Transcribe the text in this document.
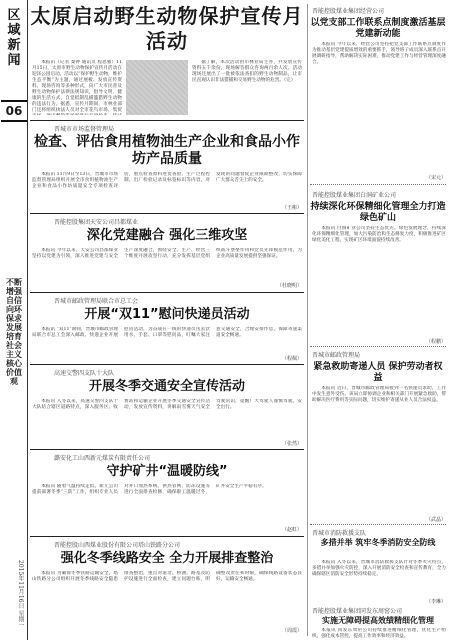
区域新闻
06
不断增强自信向环保求发展 培育社会主义核心价值观
2015年11月16日 星期一
太原启动野生动物保护宣传月活动

本报讯（记者 秦钟 通讯员 程思强）11月15日，太原市野生动物保护宣传月活动在迎泽公园启动。活动以“保护野生动物，维护生态平衡”为主题，通过展板、发放宣传资料、现场咨询等多种形式，向广大市民普及野生动物保护法律法规知识，倡导文明、健康的生活方式，自觉抵制乱捕滥猎野生动物的违法行为。据悉，宣传月期间，市林业部门还将组织执法人员对全市花鸟市场、集贸

据了解，本次活动由市林业局主办，共发放宣传资料五千余份，现场解答群众咨询两百余人次。活动现场还展出了一批被依法查扣的野生动物制品，让市民直观认识非法猎捕和交易野生动物的危害。（完）

晋城市市场监督管理局
检查、评估食用植物油生产企业和食品小作坊产品质量

本报讯 11月9日至13日，晋城市市场监督管理局组织开展全市食用植物油生产企业和食品小作坊质量安全专项检查评估，重点检查原料进货查验、生产过程控制、出厂检验记录及标签标识等内容，对发现的问题督促企业限期整改，切实保障广大群众舌尖上的安全。

（王彬）
晋能控股集团天安公司昌都煤业
深化党建融合 强化三维攻坚

本报讯 今年以来，天安公司昌都煤业坚持以党建为引领，深入推进党建与安全生产深度融合，围绕安全、生产、经营三个维度开展攻坚行动，充分发挥基层党组织战斗堡垒作用和党员先锋模范作用，为企业高质量发展提供坚强保证。

（杜晓明）
晋城市邮政管理局联合市总工会
开展“双11”慰问快递员活动

本报讯 “双11”期间，晋城市邮政管理局联合市总工会深入邮政、快递企业开展慰问活动，为奋战在一线的快递员送去饮用水、手套、口罩等慰问品，叮嘱大家注意交通安全，合理安排作息，保障寄递渠道安全畅通。

（程佩）
高速交警四支队十大队
开展冬季交通安全宣传活动

本报讯 入冬以来，高速交警四支队十大队结合辖区道路特点，深入服务区、收费站和运输企业开展冬季交通安全宣传活动，发放宣传资料，讲解雨雪雾天气安全驾驶常识，提醒广大驾驶人谨慎驾驶、安全出行。

（张然）
潞安化工山西新元煤炭有限责任公司
守护矿井“温暖防线”

本报讯 随着气温持续走低，新元公司提前部署冬季“三防”工作，组织专业人员对井口加热系统、供热管网、防冻设施等进行全面排查检修，确保职工温暖过冬，矿井安全生产平稳有序。

（赵虹）
晋能控股山西煤业股份有限公司塔山铁路分公司
强化冬季线路安全 全力开展排查整治

本报讯 为确保冬季铁路运输安全，塔山铁路分公司组织开展冬季线路安全隐患排查整治，重点对道岔、桥涵、路基及防护设施进行全面检查，建立问题台账，明确整改责任和时限，确保线路设备状态良好，运输安全畅通。

（周霞）
晋能控股煤业集团经营公司
以党支部工作联系点制度激活基层党建新动能

本报讯 今年以来，经营公司坚持把党支部工作联系点制度作为推动基层党建提质增效的重要抓手，领导班子成员深入联系点开展调研指导，帮助解决实际困难，推动党建工作与经营管理深度融合。

（宋元）
晋能控股煤业集团白洞矿业公司
持续深化环保精细化管理全力打造绿色矿山

本报讯 白洞矿业公司坚持生态优先、绿色发展理念，持续深化环保精细化管理，加大污染防治和生态修复力度，积极推进矿区绿化美化工程，实现矿区环境面貌持续改善。

（程鹏）
晋城市邮政管理局
紧急救助寄递人员 保护劳动者权益

本报讯 近日，晋城市邮政管理局接到一名快递员求助，工作中发生意外受伤。该局立即协调企业和相关部门开展紧急救助，帮助解决医疗费用等实际问题，切实维护寄递从业人员合法权益。

（武晶）
晋城市消防救援支队
多措并举 筑牢冬季消防安全防线

本报讯 入冬以来，晋城市消防救援支队针对冬季火灾特点，多措并举加强火灾防控，深入开展消防安全检查和宣传教育，全力确保辖区消防安全形势持续稳定。

（李琳）
晋能控股煤业集团同发东周窑公司
实施无障碍提高效绩精细化管理

本报讯 同发东周窑公司持续推进精细化管理，优化生产组织，强化成本管控，提高工作效率和经济效益。
